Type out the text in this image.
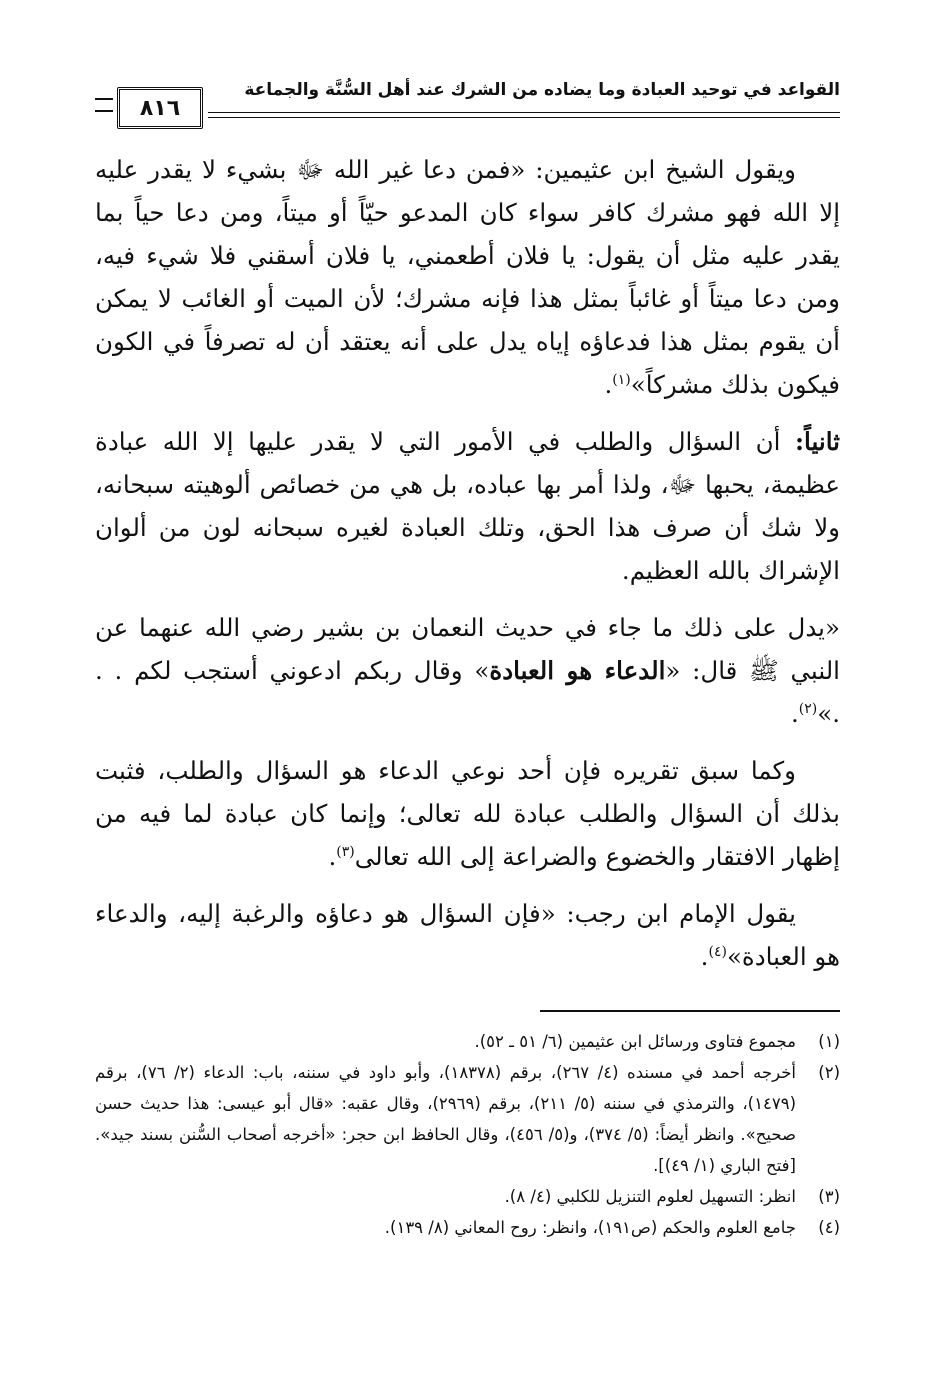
القواعد في توحيد العبادة وما يضاده من الشرك عند أهل السُّنَّة والجماعة
٨١٦

ويقول الشيخ ابن عثيمين: «فمن دعا غير الله ﷻ بشيء لا يقدر عليه إلا الله فهو مشرك كافر سواء كان المدعو حيّاً أو ميتاً، ومن دعا حياً بما يقدر عليه مثل أن يقول: يا فلان أطعمني، يا فلان أسقني فلا شيء فيه، ومن دعا ميتاً أو غائباً بمثل هذا فإنه مشرك؛ لأن الميت أو الغائب لا يمكن أن يقوم بمثل هذا فدعاؤه إياه يدل على أنه يعتقد أن له تصرفاً في الكون فيكون بذلك مشركاً»$^{(١)}$.

ثانياً: أن السؤال والطلب في الأمور التي لا يقدر عليها إلا الله عبادة عظيمة، يحبها ﷻ، ولذا أمر بها عباده، بل هي من خصائص ألوهيته سبحانه، ولا شك أن صرف هذا الحق، وتلك العبادة لغيره سبحانه لون من ألوان الإشراك بالله العظيم.

«يدل على ذلك ما جاء في حديث النعمان بن بشير رضي الله عنهما عن النبي ﷺ قال: «الدعاء هو العبادة» وقال ربكم ادعوني أستجب لكم . . .»$^{(٢)}$.

وكما سبق تقريره فإن أحد نوعي الدعاء هو السؤال والطلب، فثبت بذلك أن السؤال والطلب عبادة لله تعالى؛ وإنما كان عبادة لما فيه من إظهار الافتقار والخضوع والضراعة إلى الله تعالى$^{(٣)}$.

يقول الإمام ابن رجب: «فإن السؤال هو دعاؤه والرغبة إليه، والدعاء هو العبادة»$^{(٤)}$.

(١)
مجموع فتاوى ورسائل ابن عثيمين (٦/ ٥١ ـ ٥٢).
(٢)
أخرجه أحمد في مسنده (٤/ ٢٦٧)، برقم (١٨٣٧٨)، وأبو داود في سننه، باب: الدعاء (٢/ ٧٦)، برقم (١٤٧٩)، والترمذي في سننه (٥/ ٢١١)، برقم (٢٩٦٩)، وقال عقبه: «قال أبو عيسى: هذا حديث حسن صحيح». وانظر أيضاً: (٥/ ٣٧٤)، و(٥/ ٤٥٦)، وقال الحافظ ابن حجر: «أخرجه أصحاب السُّنن بسند جيد». [فتح الباري (١/ ٤٩)].
(٣)
انظر: التسهيل لعلوم التنزيل للكلبي (٤/ ٨).
(٤)
جامع العلوم والحكم (ص١٩١)، وانظر: روح المعاني (٨/ ١٣٩).
